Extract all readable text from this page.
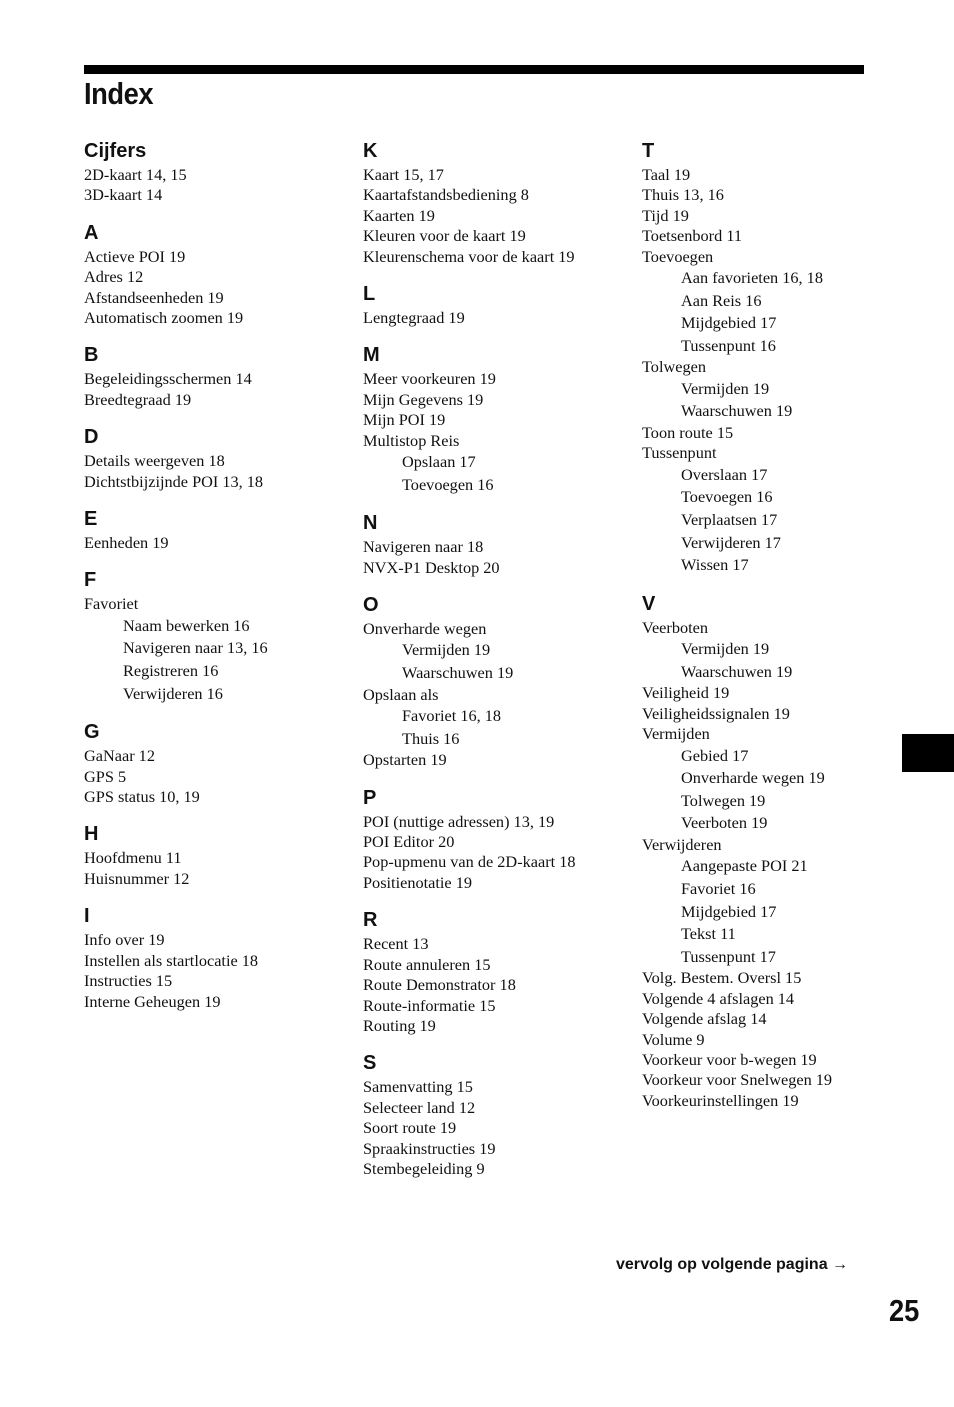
Index
Cijfers
2D-kaart 14, 15
3D-kaart 14
A
Actieve POI 19
Adres 12
Afstandseenheden 19
Automatisch zoomen 19
B
Begeleidingsschermen 14
Breedtegraad 19
D
Details weergeven 18
Dichtstbijzijnde POI 13, 18
E
Eenheden 19
F
Favoriet
Naam bewerken 16
Navigeren naar 13, 16
Registreren 16
Verwijderen 16
G
GaNaar 12
GPS 5
GPS status 10, 19
H
Hoofdmenu 11
Huisnummer 12
I
Info over 19
Instellen als startlocatie 18
Instructies 15
Interne Geheugen 19
K
Kaart 15, 17
Kaartafstandsbediening 8
Kaarten 19
Kleuren voor de kaart 19
Kleurenschema voor de kaart 19
L
Lengtegraad 19
M
Meer voorkeuren 19
Mijn Gegevens 19
Mijn POI 19
Multistop Reis
Opslaan 17
Toevoegen 16
N
Navigeren naar 18
NVX-P1 Desktop 20
O
Onverharde wegen
Vermijden 19
Waarschuwen 19
Opslaan als
Favoriet 16, 18
Thuis 16
Opstarten 19
P
POI (nuttige adressen) 13, 19
POI Editor 20
Pop-upmenu van de 2D-kaart 18
Positienotatie 19
R
Recent 13
Route annuleren 15
Route Demonstrator 18
Route-informatie 15
Routing 19
S
Samenvatting 15
Selecteer land 12
Soort route 19
Spraakinstructies 19
Stembegeleiding 9
T
Taal 19
Thuis 13, 16
Tijd 19
Toetsenbord 11
Toevoegen
Aan favorieten 16, 18
Aan Reis 16
Mijdgebied 17
Tussenpunt 16
Tolwegen
Vermijden 19
Waarschuwen 19
Toon route 15
Tussenpunt
Overslaan 17
Toevoegen 16
Verplaatsen 17
Verwijderen 17
Wissen 17
V
Veerboten
Vermijden 19
Waarschuwen 19
Veiligheid 19
Veiligheidssignalen 19
Vermijden
Gebied 17
Onverharde wegen 19
Tolwegen 19
Veerboten 19
Verwijderen
Aangepaste POI 21
Favoriet 16
Mijdgebied 17
Tekst 11
Tussenpunt 17
Volg. Bestem. Oversl 15
Volgende 4 afslagen 14
Volgende afslag 14
Volume 9
Voorkeur voor b-wegen 19
Voorkeur voor Snelwegen 19
Voorkeurinstellingen 19
vervolg op volgende pagina →
25
